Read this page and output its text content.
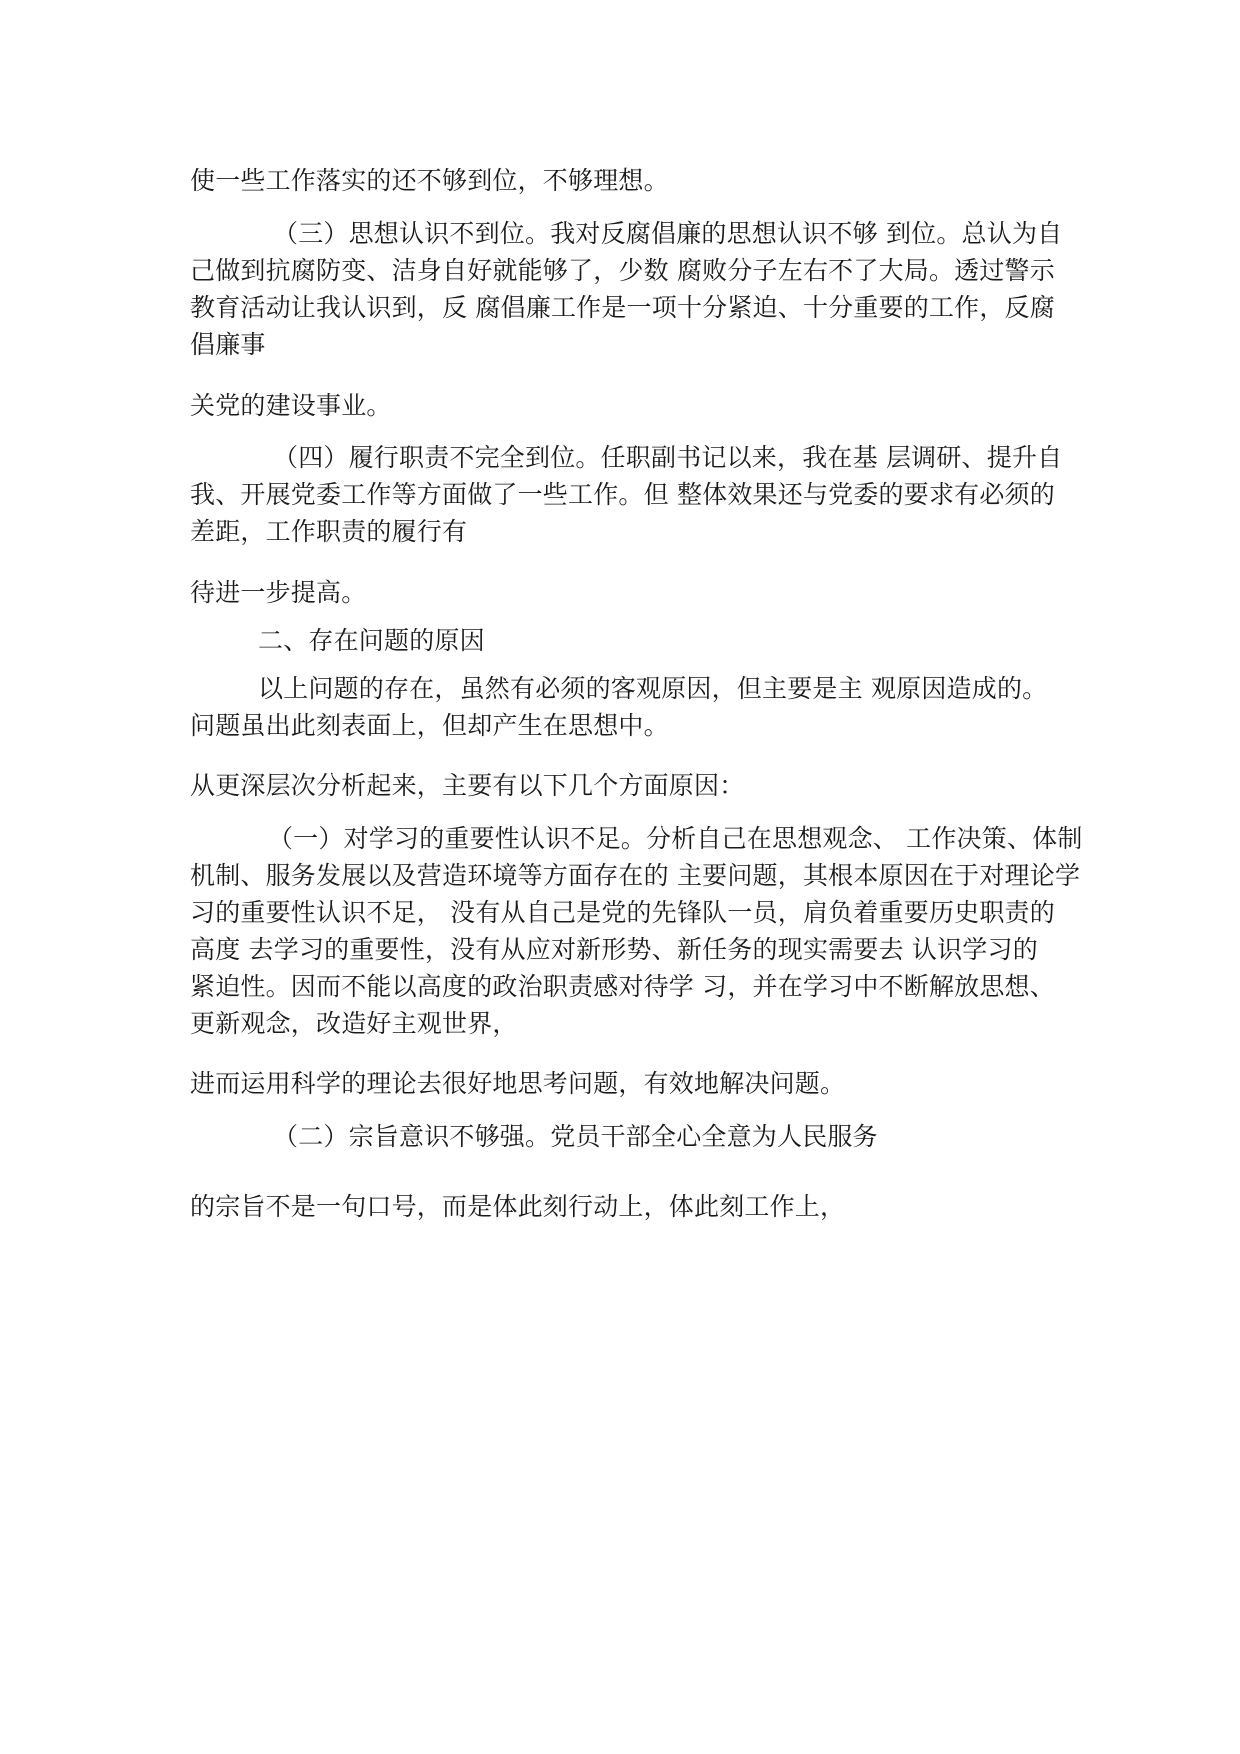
使一些工作落实的还不够到位，不够理想。
（三）思想认识不到位。我对反腐倡廉的思想认识不够 到位。总认为自
己做到抗腐防变、洁身自好就能够了，少数 腐败分子左右不了大局。透过警示
教育活动让我认识到，反 腐倡廉工作是一项十分紧迫、十分重要的工作，反腐
倡廉事
关党的建设事业。
（四）履行职责不完全到位。任职副书记以来，我在基 层调研、提升自
我、开展党委工作等方面做了一些工作。但 整体效果还与党委的要求有必须的
差距，工作职责的履行有
待进一步提高。
二、存在问题的原因
以上问题的存在，虽然有必须的客观原因，但主要是主 观原因造成的。
问题虽出此刻表面上，但却产生在思想中。
从更深层次分析起来，主要有以下几个方面原因：
（一）对学习的重要性认识不足。分析自己在思想观念、 工作决策、体制
机制、服务发展以及营造环境等方面存在的 主要问题，其根本原因在于对理论学
习的重要性认识不足， 没有从自己是党的先锋队一员，肩负着重要历史职责的
高度 去学习的重要性，没有从应对新形势、新任务的现实需要去 认识学习的
紧迫性。因而不能以高度的政治职责感对待学 习，并在学习中不断解放思想、
更新观念，改造好主观世界，
进而运用科学的理论去很好地思考问题，有效地解决问题。
（二）宗旨意识不够强。党员干部全心全意为人民服务
的宗旨不是一句口号，而是体此刻行动上，体此刻工作上，
